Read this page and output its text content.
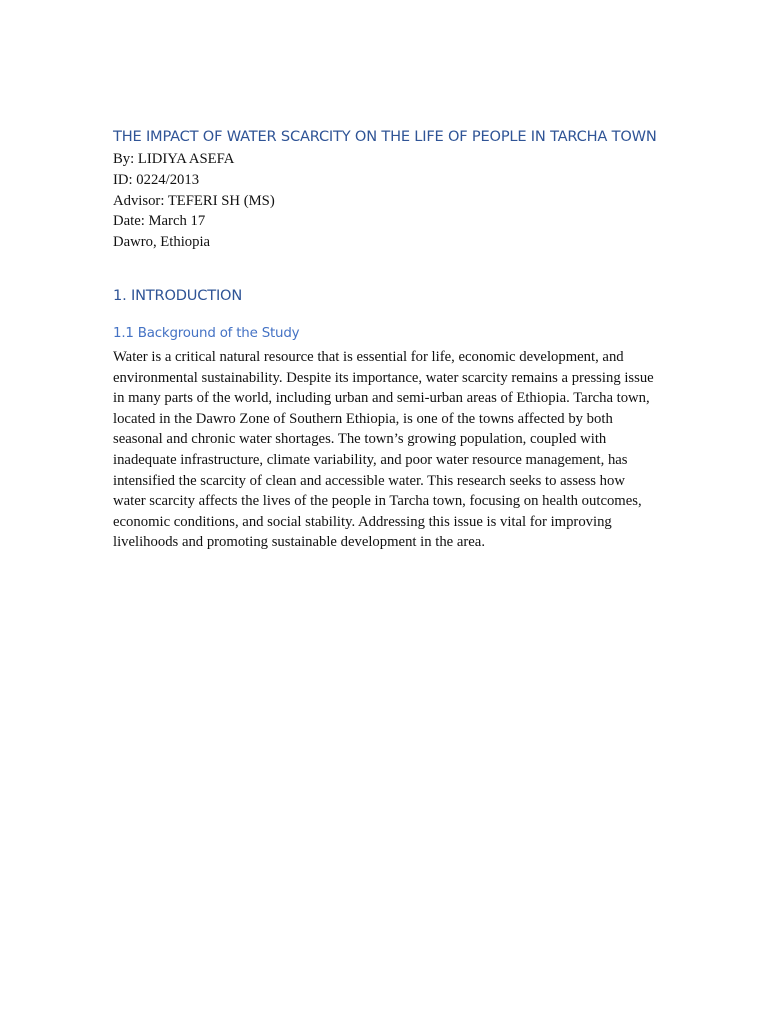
THE IMPACT OF WATER SCARCITY ON THE LIFE OF PEOPLE IN TARCHA TOWN
By: LIDIYA ASEFA
ID: 0224/2013
Advisor: TEFERI SH (MS)
Date: March 17
Dawro, Ethiopia
1. INTRODUCTION
1.1 Background of the Study

Water is a critical natural resource that is essential for life, economic development, and environmental sustainability. Despite its importance, water scarcity remains a pressing issue in many parts of the world, including urban and semi-urban areas of Ethiopia. Tarcha town, located in the Dawro Zone of Southern Ethiopia, is one of the towns affected by both seasonal and chronic water shortages. The town’s growing population, coupled with inadequate infrastructure, climate variability, and poor water resource management, has intensified the scarcity of clean and accessible water. This research seeks to assess how water scarcity affects the lives of the people in Tarcha town, focusing on health outcomes, economic conditions, and social stability. Addressing this issue is vital for improving livelihoods and promoting sustainable development in the area.
